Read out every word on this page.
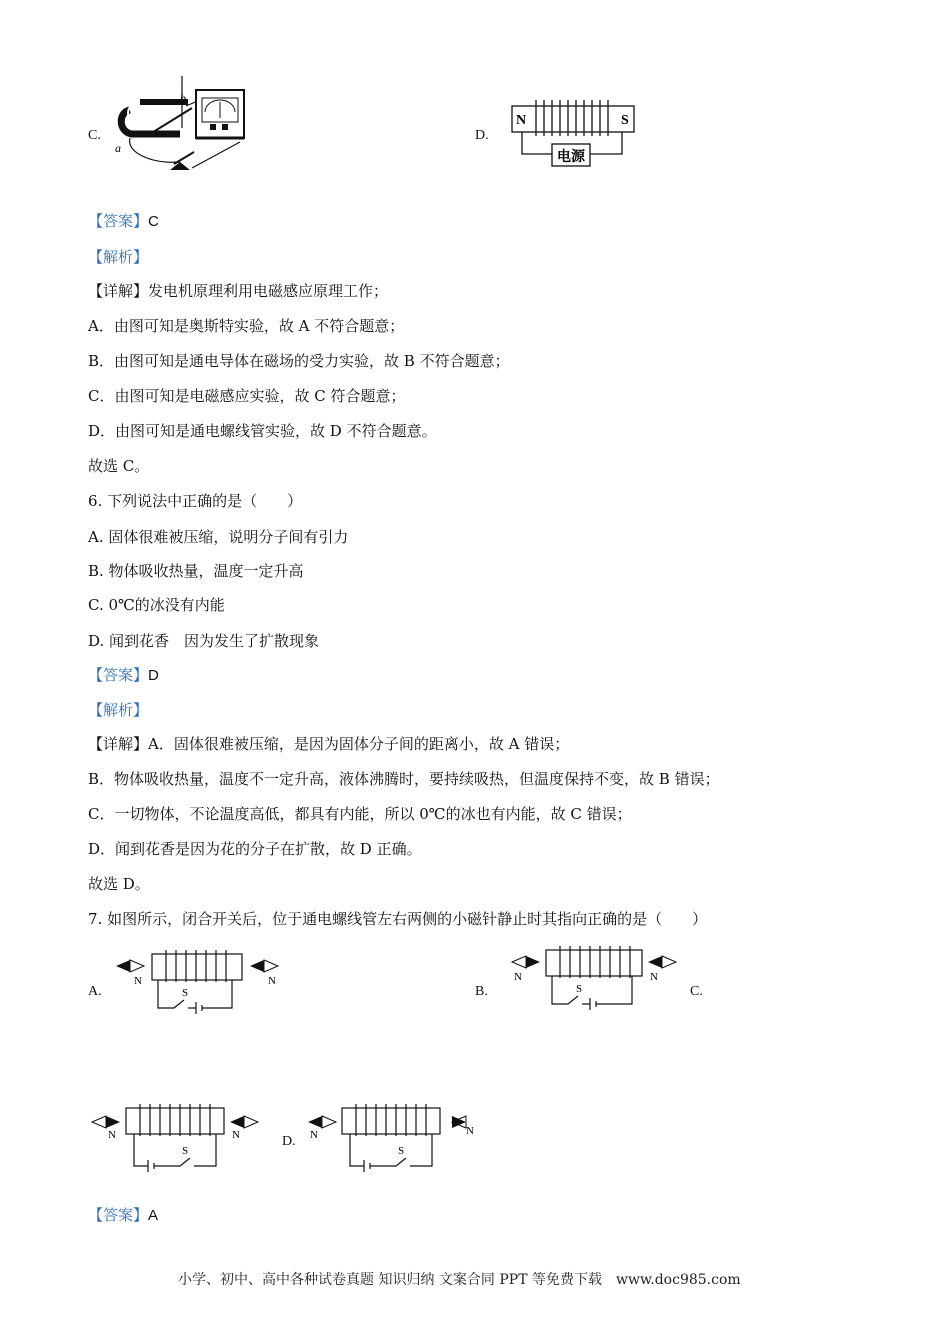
C.
a
b
D.
N	S
电源
【答案】C
【解析】
【详解】发电机原理利用电磁感应原理工作；
A．由图可知是奥斯特实验，故 A 不符合题意；
B．由图可知是通电导体在磁场的受力实验，故 B 不符合题意；
C．由图可知是电磁感应实验，故 C 符合题意；
D．由图可知是通电螺线管实验，故 D 不符合题意。
故选 C。
6. 下列说法中正确的是（　　）
A. 固体很难被压缩，说明分子间有引力
B. 物体吸收热量，温度一定升高
C. 0℃的冰没有内能
D. 闻到花香　因为发生了扩散现象
【答案】D
【解析】
【详解】A．固体很难被压缩，是因为固体分子间的距离小，故 A 错误；
B．物体吸收热量，温度不一定升高，液体沸腾时，要持续吸热，但温度保持不变，故 B 错误；
C．一切物体，不论温度高低，都具有内能，所以 0℃的冰也有内能，故 C 错误；
D．闻到花香是因为花的分子在扩散，故 D 正确。
故选 D。
7. 如图所示，闭合开关后，位于通电螺线管左右两侧的小磁针静止时其指向正确的是（　　）
A.
N	N
S	B.
N	N
S	C.
N	N
S
D. N	N
S
【答案】A
小学、初中、高中各种试卷真题 知识归纳 文案合同 PPT 等免费下载　www.doc985.com
